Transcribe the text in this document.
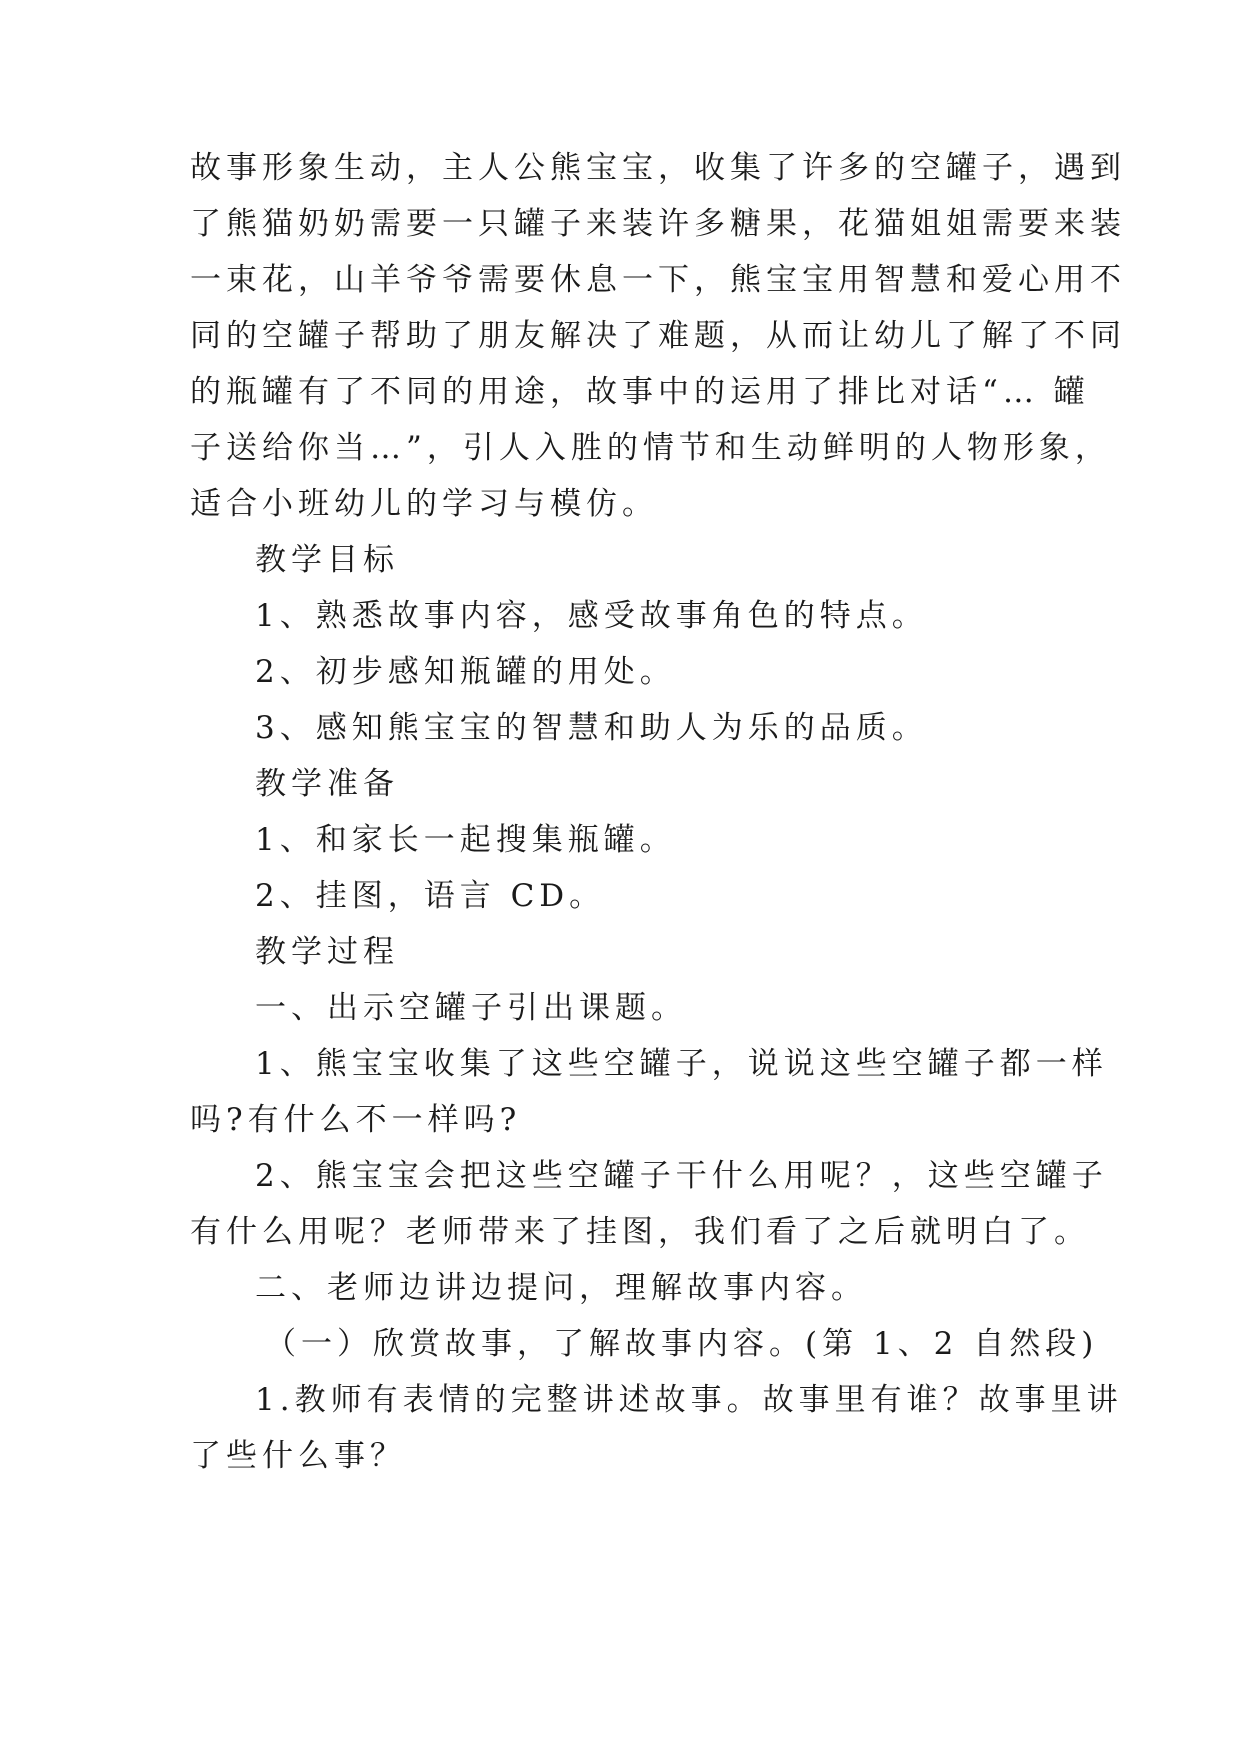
故事形象生动，主人公熊宝宝，收集了许多的空罐子，遇到
了熊猫奶奶需要一只罐子来装许多糖果，花猫姐姐需要来装
一束花，山羊爷爷需要休息一下，熊宝宝用智慧和爱心用不
同的空罐子帮助了朋友解决了难题，从而让幼儿了解了不同
的瓶罐有了不同的用途，故事中的运用了排比对话“… 罐
子送给你当…”，引人入胜的情节和生动鲜明的人物形象，
适合小班幼儿的学习与模仿。
教学目标
1、熟悉故事内容，感受故事角色的特点。
2、初步感知瓶罐的用处。
3、感知熊宝宝的智慧和助人为乐的品质。
教学准备
1、和家长一起搜集瓶罐。
2、挂图，语言 CD。
教学过程
一、出示空罐子引出课题。
1、熊宝宝收集了这些空罐子，说说这些空罐子都一样
吗?有什么不一样吗?
2、熊宝宝会把这些空罐子干什么用呢？，这些空罐子
有什么用呢？老师带来了挂图，我们看了之后就明白了。
二、老师边讲边提问，理解故事内容。
（一）欣赏故事，了解故事内容。(第 1、2 自然段)
1.教师有表情的完整讲述故事。故事里有谁？故事里讲
了些什么事？
